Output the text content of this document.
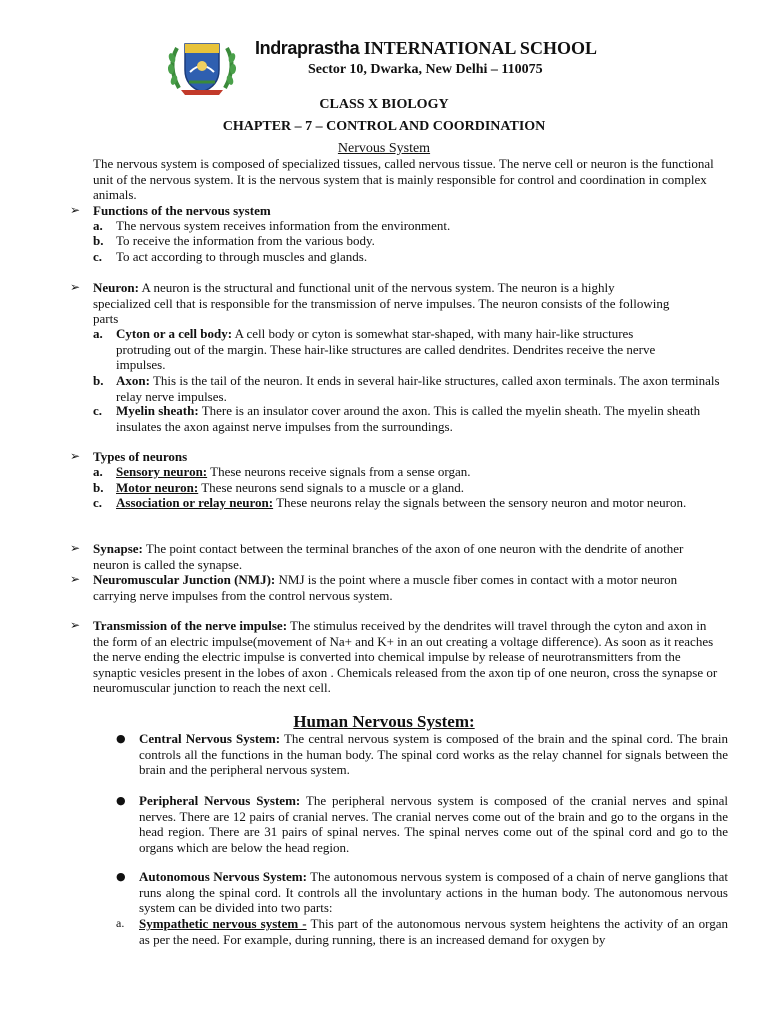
Indraprastha INTERNATIONAL SCHOOL
Sector 10, Dwarka, New Delhi – 110075
CLASS X BIOLOGY
CHAPTER – 7 – CONTROL AND COORDINATION
Nervous System
The nervous system is composed of specialized tissues, called nervous tissue. The nerve cell or neuron is the functional unit of the nervous system. It is the nervous system that is mainly responsible for control and coordination in complex animals.
➢ Functions of the nervous system
a.	The nervous system receives information from the environment.
b. To receive the information from the various body.
c.	To act according to through muscles and glands.
➢ Neuron: A neuron is the structural and functional unit of the nervous system. The neuron is a highly specialized cell that is responsible for the transmission of nerve impulses. The neuron consists of the following parts
a.	Cyton or a cell body: A cell body or cyton is somewhat star-shaped, with many hair-like structures protruding out of the margin. These hair-like structures are called dendrites. Dendrites receive the nerve impulses.
b. Axon: This is the tail of the neuron. It ends in several hair-like structures, called axon terminals. The axon terminals relay nerve impulses.
c.	Myelin sheath: There is an insulator cover around the axon. This is called the myelin sheath. The myelin sheath insulates the axon against nerve impulses from the surroundings.
➢ Types of neurons
a.	Sensory neuron: These neurons receive signals from a sense organ.
b. Motor neuron: These neurons send signals to a muscle or a gland.
c.	Association or relay neuron: These neurons relay the signals between the sensory neuron and motor neuron.
➢ Synapse: The point contact between the terminal branches of the axon of one neuron with the dendrite of another neuron is called the synapse.
➢ Neuromuscular Junction (NMJ): NMJ is the point where a muscle fiber comes in contact with a motor neuron carrying nerve impulses from the control nervous system.
➢ Transmission of the nerve impulse: The stimulus received by the dendrites will travel through the cyton and axon in the form of an electric impulse(movement of Na+ and K+ in an out creating a voltage difference). As soon as it reaches the nerve ending the electric impulse is converted into chemical impulse by release of neurotransmitters from the synaptic vesicles present in the lobes of axon . Chemicals released from the axon tip of one neuron, cross the synapse or neuromuscular junction to reach the next cell.
Human Nervous System:
● Central Nervous System: The central nervous system is composed of the brain and the spinal cord. The brain controls all the functions in the human body. The spinal cord works as the relay channel for signals between the brain and the peripheral nervous system.
● Peripheral Nervous System: The peripheral nervous system is composed of the cranial nerves and spinal nerves. There are 12 pairs of cranial nerves. The cranial nerves come out of the brain and go to the organs in the head region. There are 31 pairs of spinal nerves. The spinal nerves come out of the spinal cord and go to the organs which are below the head region.
● Autonomous Nervous System: The autonomous nervous system is composed of a chain of nerve ganglions that runs along the spinal cord. It controls all the involuntary actions in the human body. The autonomous nervous system can be divided into two parts:
a. Sympathetic nervous system - This part of the autonomous nervous system heightens the activity of an organ as per the need. For example, during running, there is an increased demand for oxygen by
